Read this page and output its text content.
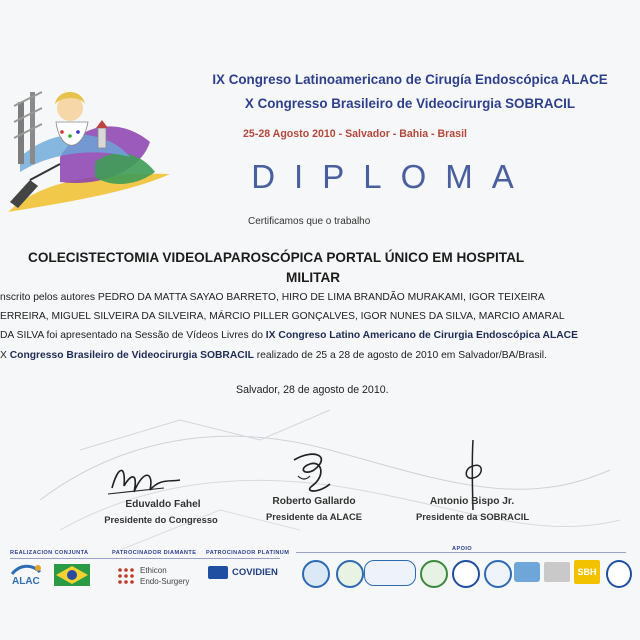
IX Congreso Latinoamericano de Cirugía Endoscópica ALACE
X Congresso Brasileiro de Videocirurgia SOBRACIL
25-28 Agosto 2010 - Salvador - Bahia - Brasil
DIPLOMA
Certificamos que o trabalho
COLECISTECTOMIA VIDEOLAPAROSCÓPICA PORTAL ÚNICO EM HOSPITAL
MILITAR
nscrito pelos autores PEDRO DA MATTA SAYAO BARRETO, HIRO DE LIMA BRANDÃO MURAKAMI, IGOR TEIXEIRA
ERREIRA, MIGUEL SILVEIRA DA SILVEIRA, MÁRCIO PILLER GONÇALVES, IGOR NUNES DA SILVA, MARCIO AMARAL
DA SILVA foi apresentado na Sessão de Vídeos Livres do IX Congreso Latino Americano de Cirurgia Endoscópica ALACE
X Congresso Brasileiro de Videocirurgia SOBRACIL realizado de 25 a 28 de agosto de 2010 em Salvador/BA/Brasil.
Salvador, 28 de agosto de 2010.
Eduvaldo Fahel
Presidente do Congresso
Roberto Gallardo
Presidente da ALACE
Antonio Bispo Jr.
Presidente da SOBRACIL
REALIZACION CONJUNTA	PATROCINADOR DIAMANTE PATROCINADOR PLATINUM
APOIO
ALAC
Ethicon
Endo-Surgery
COVIDIEN	SBH
